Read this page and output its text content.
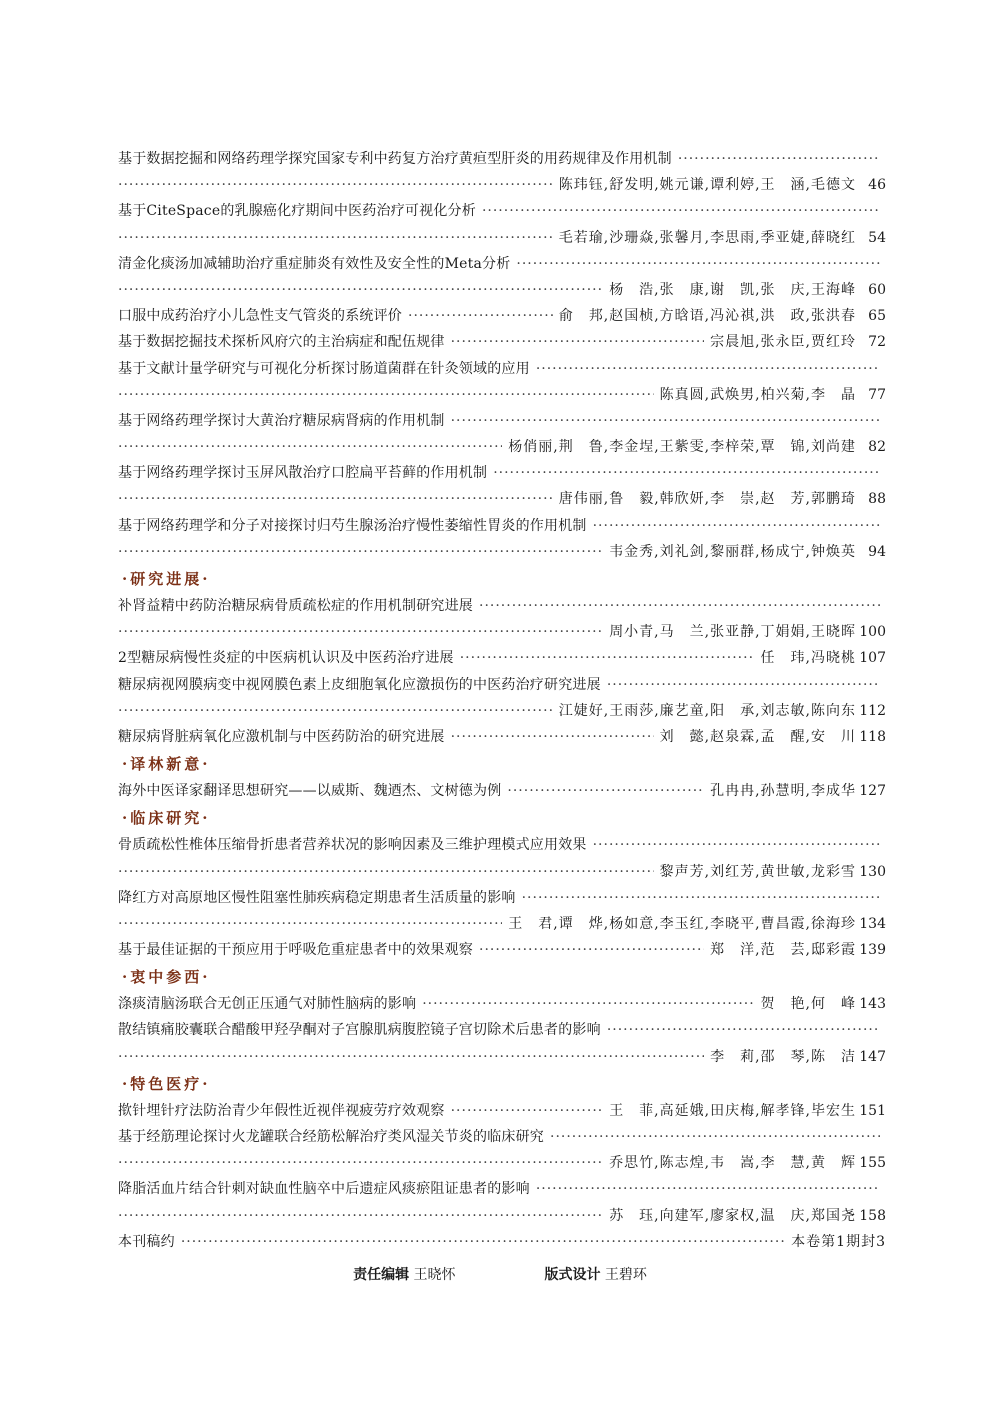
基于数据挖掘和网络药理学探究国家专利中药复方治疗黄疸型肝炎的用药规律及作用机制
·····
·····
陈玮钰,舒发明,姚元谦,谭利婷,王　涵,毛德文 46
基于CiteSpace的乳腺癌化疗期间中医药治疗可视化分析
·····
·····
毛若瑜,沙珊焱,张馨月,李思雨,季亚婕,薛晓红 54
清金化痰汤加减辅助治疗重症肺炎有效性及安全性的Meta分析
·····
·····
杨　浩,张　康,谢　凯,张　庆,王海峰 60
口服中成药治疗小儿急性支气管炎的系统评价 ·····	俞　邦,赵国桢,方晗语,冯沁祺,洪　政,张洪春 65
基于数据挖掘技术探析风府穴的主治病症和配伍规律 ·····	宗晨旭,张永臣,贾红玲 72
基于文献计量学研究与可视化分析探讨肠道菌群在针灸领域的应用
·····
·····
陈真圆,武焕男,柏兴菊,李　晶 77
基于网络药理学探讨大黄治疗糖尿病肾病的作用机制
·····
·····
杨俏丽,荆　鲁,李金埕,王紫雯,李梓荣,覃　锦,刘尚建 82
基于网络药理学探讨玉屏风散治疗口腔扁平苔藓的作用机制
·····
·····
唐伟丽,鲁　毅,韩欣妍,李　崇,赵　芳,郭鹏琦 88
基于网络药理学和分子对接探讨归芍生腺汤治疗慢性萎缩性胃炎的作用机制
·····
·····
韦金秀,刘礼剑,黎丽群,杨成宁,钟焕英 94
·研究进展·
补肾益精中药防治糖尿病骨质疏松症的作用机制研究进展
·····
·····
周小青,马　兰,张亚静,丁娟娟,王晓晖 100
2型糖尿病慢性炎症的中医病机认识及中医药治疗进展 ·····	任　玮,冯晓桃 107
糖尿病视网膜病变中视网膜色素上皮细胞氧化应激损伤的中医药治疗研究进展
·····
·····
江婕好,王雨莎,廉艺童,阳　承,刘志敏,陈向东 112
糖尿病肾脏病氧化应激机制与中医药防治的研究进展 ·····	刘　懿,赵泉霖,孟　醒,安　川 118
·译林新意·
海外中医译家翻译思想研究——以威斯、魏迺杰、文树德为例 ·····	孔冉冉,孙慧明,李成华 127
·临床研究·
骨质疏松性椎体压缩骨折患者营养状况的影响因素及三维护理模式应用效果
·····
·····
黎声芳,刘红芳,黄世敏,龙彩雪 130
降红方对高原地区慢性阻塞性肺疾病稳定期患者生活质量的影响
·····
·····
王　君,谭　烨,杨如意,李玉红,李晓平,曹昌霞,徐海珍 134
基于最佳证据的干预应用于呼吸危重症患者中的效果观察 ·····	郑　洋,范　芸,邸彩霞 139
·衷中参西·
涤痰清脑汤联合无创正压通气对肺性脑病的影响 ·····	贺　艳,何　峰 143
散结镇痛胶囊联合醋酸甲羟孕酮对子宫腺肌病腹腔镜子宫切除术后患者的影响
·····
·····
李　莉,邵　琴,陈　洁 147
·特色医疗·
揿针埋针疗法防治青少年假性近视伴视疲劳疗效观察 ·····	王　菲,高延娥,田庆梅,解孝锋,毕宏生 151
基于经筋理论探讨火龙罐联合经筋松解治疗类风湿关节炎的临床研究
·····
·····
乔思竹,陈志煌,韦　嵩,李　慧,黄　辉 155
降脂活血片结合针刺对缺血性脑卒中后遗症风痰瘀阻证患者的影响
·····
·····
苏　珏,向建军,廖家权,温　庆,郑国尧 158
本刊稿约 ·····	本卷第1期封3
责任编辑 王晓怀	版式设计 王碧环
